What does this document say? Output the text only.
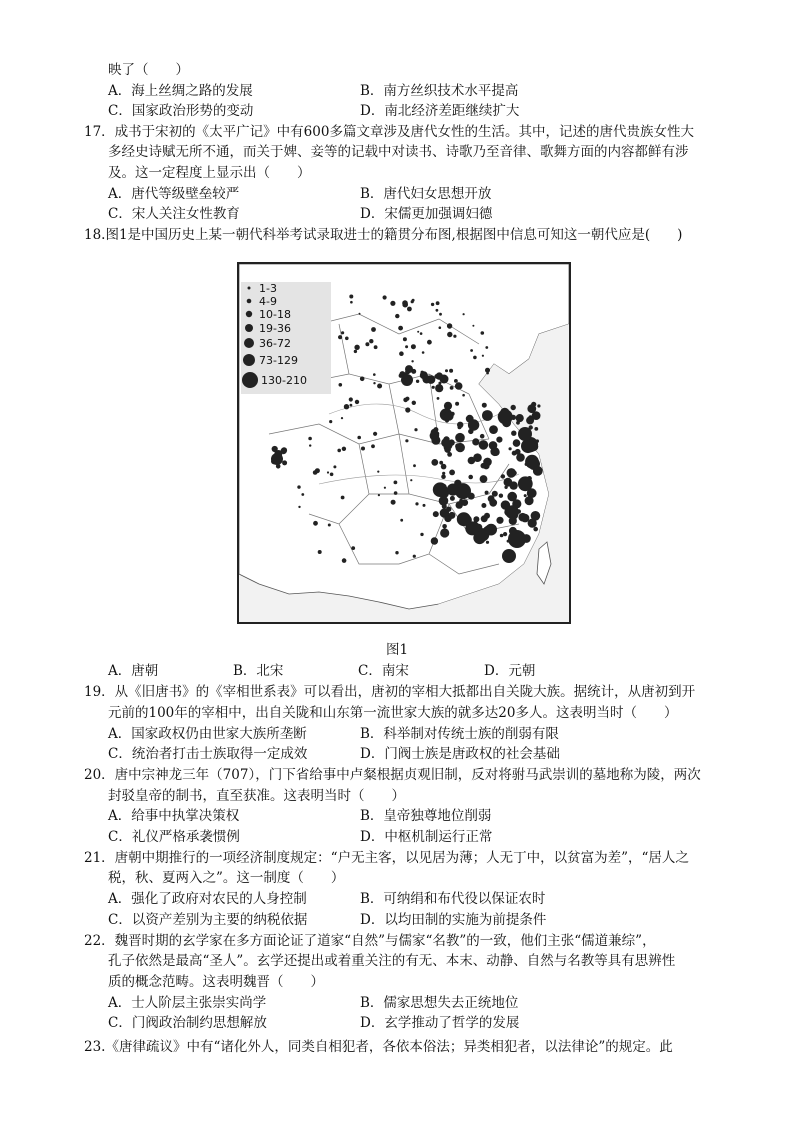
映了（　　）
A．海上丝绸之路的发展	B．南方丝织技术水平提高
C．国家政治形势的变动	D．南北经济差距继续扩大
17．成书于宋初的《太平广记》中有600多篇文章涉及唐代女性的生活。其中，记述的唐代贵族女性大
多经史诗赋无所不通，而关于婢、妾等的记载中对读书、诗歌乃至音律、歌舞方面的内容都鲜有涉
及。这一定程度上显示出（　　）
A．唐代等级壁垒较严	B．唐代妇女思想开放
C．宋人关注女性教育	D．宋儒更加强调妇德
18.图1是中国历史上某一朝代科举考试录取进士的籍贯分布图,根据图中信息可知这一朝代应是(　　)
1-3
4-9
10-18
19-36
36-72
73-129
130-210
图1
A．唐朝	B．北宋	C．南宋	D．元朝
19．从《旧唐书》的《宰相世系表》可以看出，唐初的宰相大抵都出自关陇大族。据统计，从唐初到开
元前的100年的宰相中，出自关陇和山东第一流世家大族的就多达20多人。这表明当时（　　）
A．国家政权仍由世家大族所垄断	B．科举制对传统士族的削弱有限
C．统治者打击士族取得一定成效	D．门阀士族是唐政权的社会基础
20．唐中宗神龙三年（707），门下省给事中卢粲根据贞观旧制，反对将驸马武崇训的墓地称为陵，两次
封驳皇帝的制书，直至获准。这表明当时（　　）
A．给事中执掌决策权	B．皇帝独尊地位削弱
C．礼仪严格承袭惯例	D．中枢机制运行正常
21．唐朝中期推行的一项经济制度规定：“户无主客，以见居为薄；人无丁中，以贫富为差”，“居人之
税，秋、夏两入之”。这一制度（　　）
A．强化了政府对农民的人身控制	B．可纳绢和布代役以保证农时
C．以资产差别为主要的纳税依据	D．以均田制的实施为前提条件
22．魏晋时期的玄学家在多方面论证了道家“自然”与儒家“名教”的一致，他们主张“儒道兼综”，
孔子依然是最高“圣人”。玄学还提出或着重关注的有无、本末、动静、自然与名教等具有思辨性
质的概念范畴。这表明魏晋（　　）
A．士人阶层主张崇实尚学	B．儒家思想失去正统地位
C．门阀政治制约思想解放	D．玄学推动了哲学的发展
23.《唐律疏议》中有“诸化外人，同类自相犯者，各依本俗法；异类相犯者，以法律论”的规定。此
